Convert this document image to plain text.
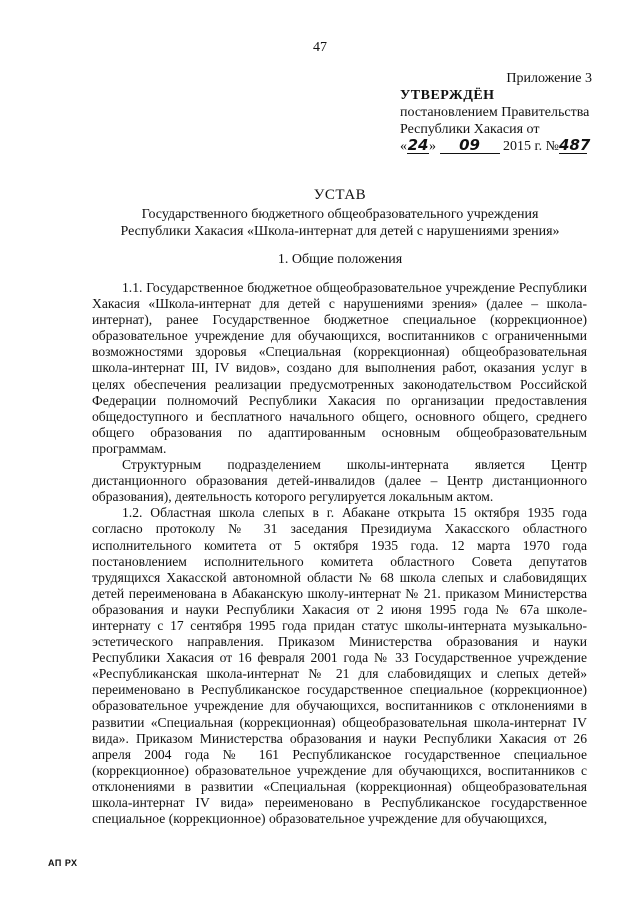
47
Приложение 3
УТВЕРЖДЁН
постановлением Правительства
Республики Хакасия от
«24» 09 2015 г. №487
УСТАВ
Государственного бюджетного общеобразовательного учреждения
Республики Хакасия «Школа-интернат для детей с нарушениями зрения»
1. Общие положения

1.1. Государственное бюджетное общеобразовательное учреждение Республики Хакасия «Школа-интернат для детей с нарушениями зрения» (далее – школа-интернат), ранее Государственное бюджетное специальное (коррекционное) образовательное учреждение для обучающихся, воспитанников с ограниченными возможностями здоровья «Специальная (коррекционная) общеобразовательная школа-интернат III, IV видов», создано для выполнения работ, оказания услуг в целях обеспечения реализации предусмотренных законодательством Российской Федерации полномочий Республики Хакасия по организации предоставления общедоступного и бесплатного начального общего, основного общего, среднего общего образования по адаптированным основным общеобразовательным программам.

Структурным подразделением школы-интерната является Центр дистанционного образования детей-инвалидов (далее – Центр дистанционного образования), деятельность которого регулируется локальным актом.

1.2. Областная школа слепых в г. Абакане открыта 15 октября 1935 года согласно протоколу № 31 заседания Президиума Хакасского областного исполнительного комитета от 5 октября 1935 года. 12 марта 1970 года постановлением исполнительного комитета областного Совета депутатов трудящихся Хакасской автономной области № 68 школа слепых и слабовидящих детей переименована в Абаканскую школу-интернат № 21. приказом Министерства образования и науки Республики Хакасия от 2 июня 1995 года № 67а школе-интернату с 17 сентября 1995 года придан статус школы-интерната музыкально-эстетического направления. Приказом Министерства образования и науки Республики Хакасия от 16 февраля 2001 года № 33 Государственное учреждение «Республиканская школа-интернат № 21 для слабовидящих и слепых детей» переименовано в Республиканское государственное специальное (коррекционное) образовательное учреждение для обучающихся, воспитанников с отклонениями в развитии «Специальная (коррекционная) общеобразовательная школа-интернат IV вида». Приказом Министерства образования и науки Республики Хакасия от 26 апреля 2004 года № 161 Республиканское государственное специальное (коррекционное) образовательное учреждение для обучающихся, воспитанников с отклонениями в развитии «Специальная (коррекционная) общеобразовательная школа-интернат IV вида» переименовано в Республиканское государственное специальное (коррекционное) образовательное учреждение для обучающихся,

АП РХ
